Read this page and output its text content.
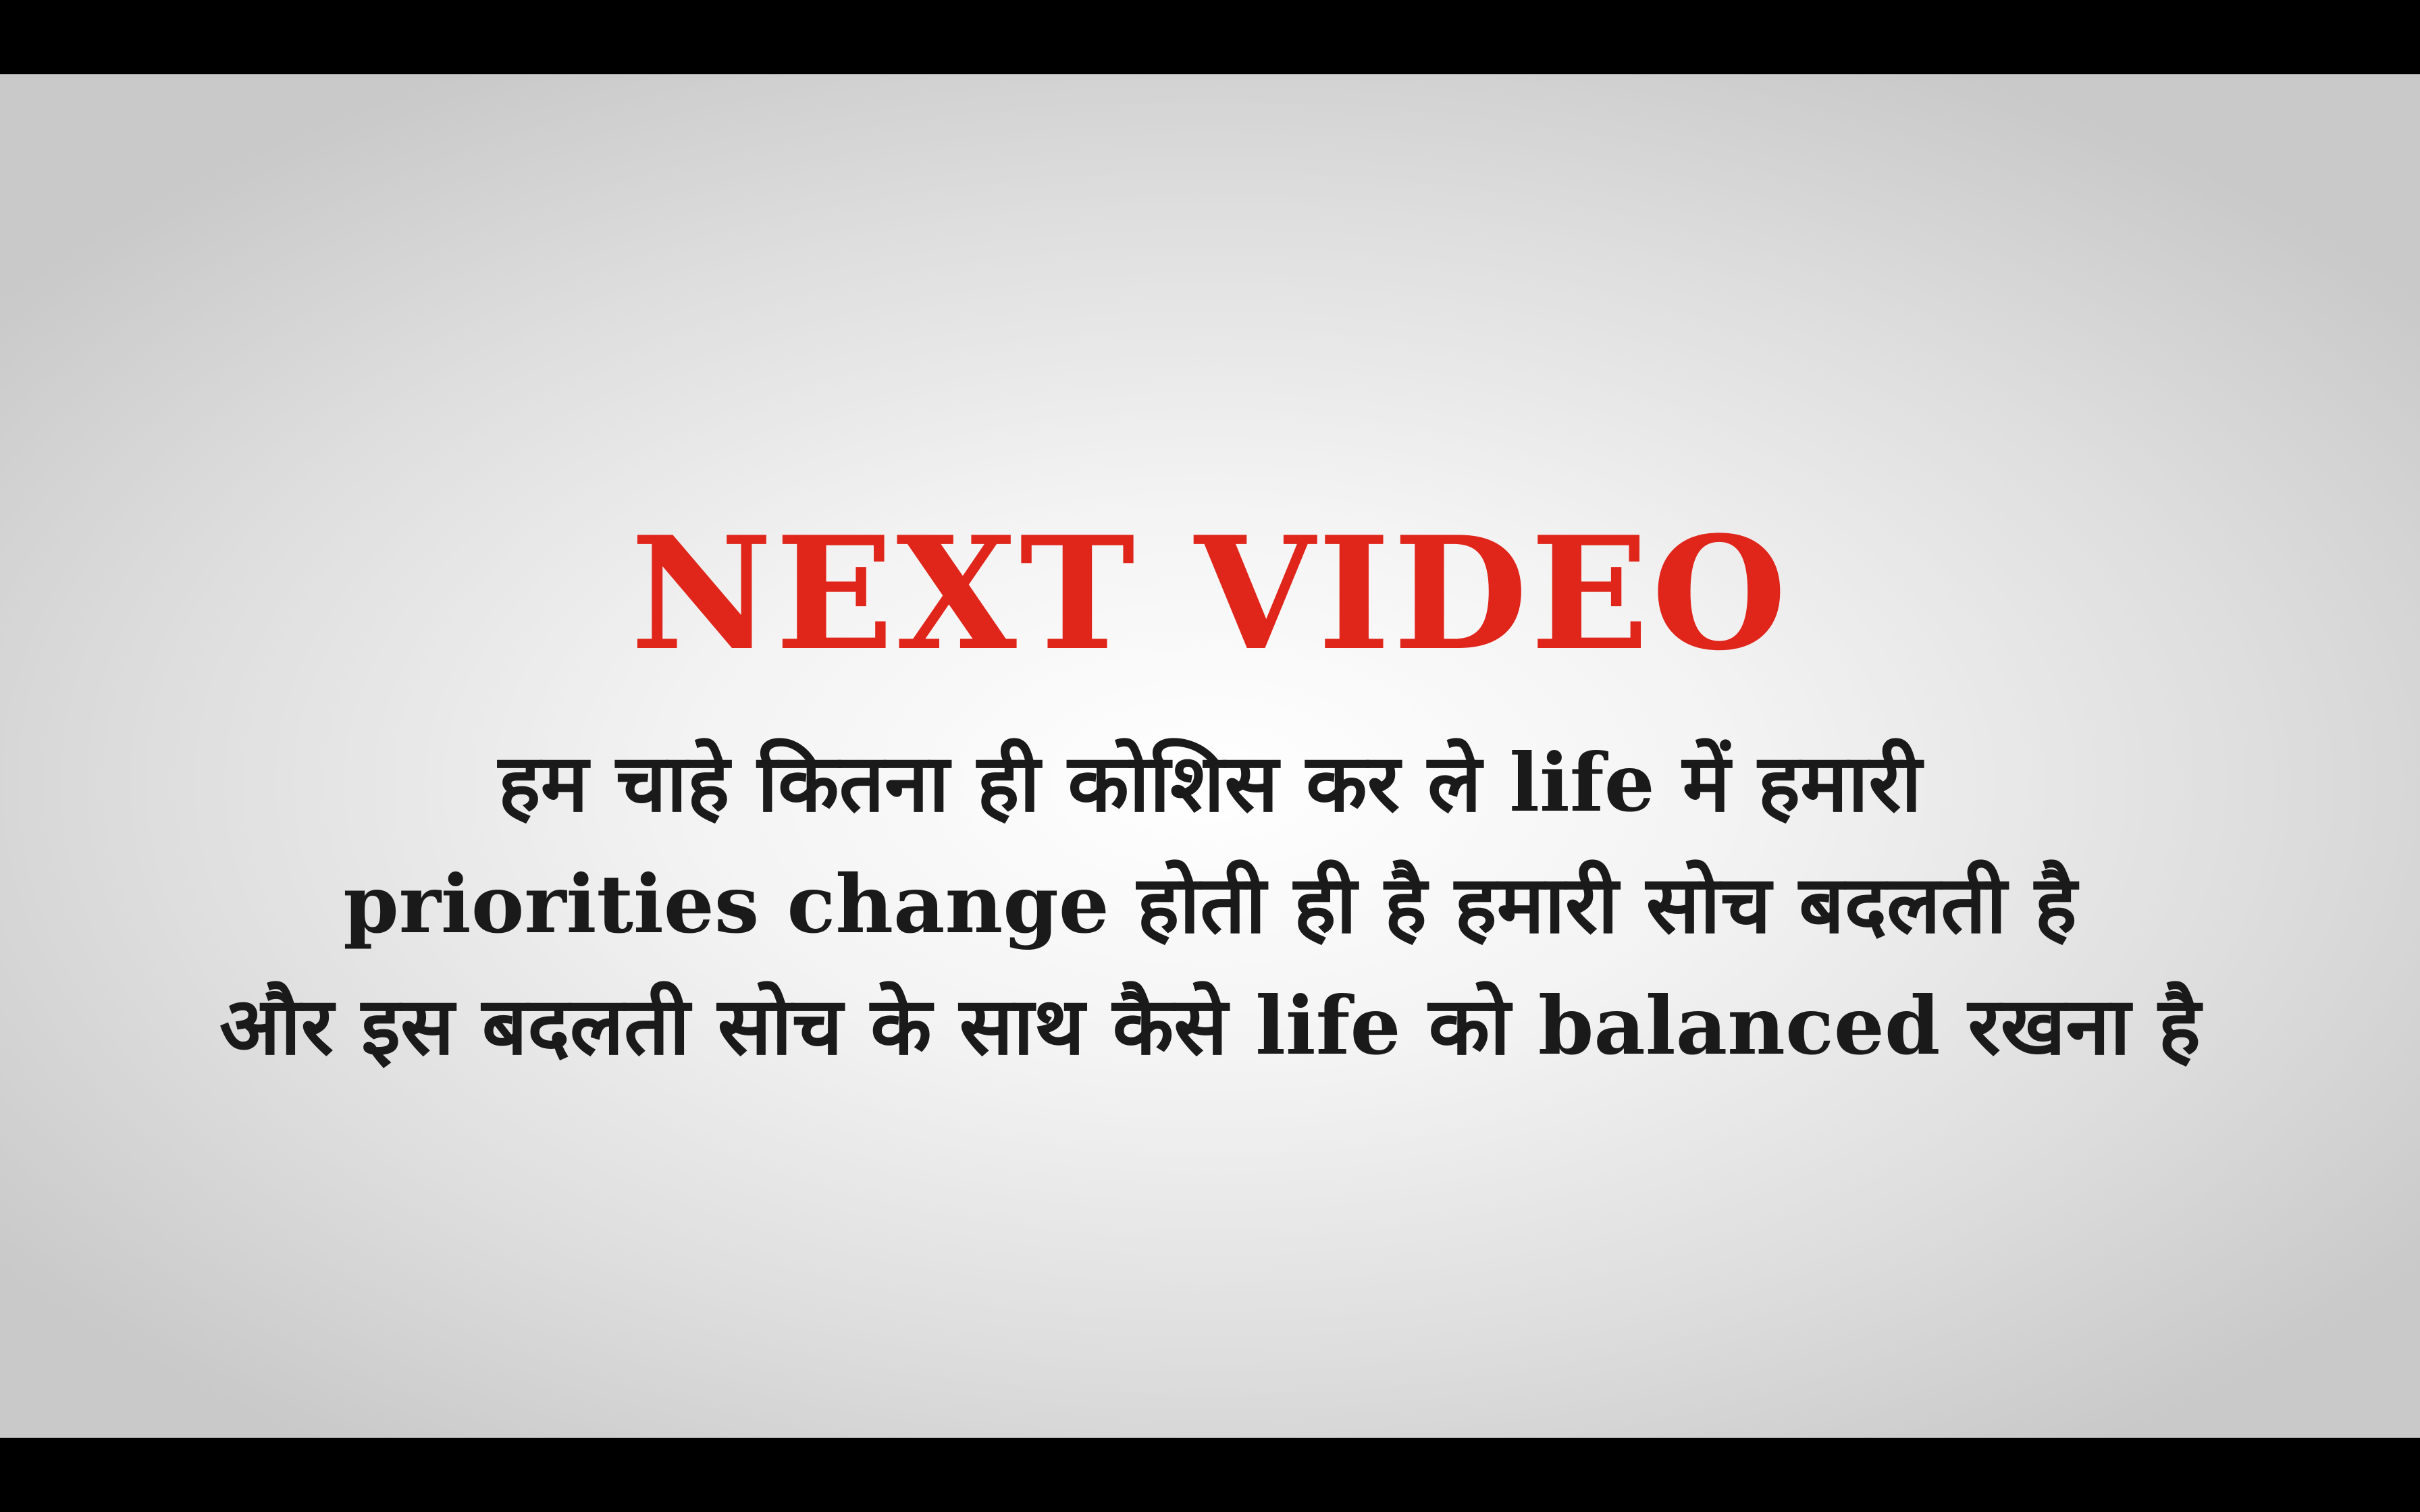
NEXT VIDEO
हम चाहे कितना ही कोशिस कर ले life में हमारी
priorities change होती ही है हमारी सोच बदलती है
और इस बदलती सोच के साथ कैसे life को balanced रखना है
